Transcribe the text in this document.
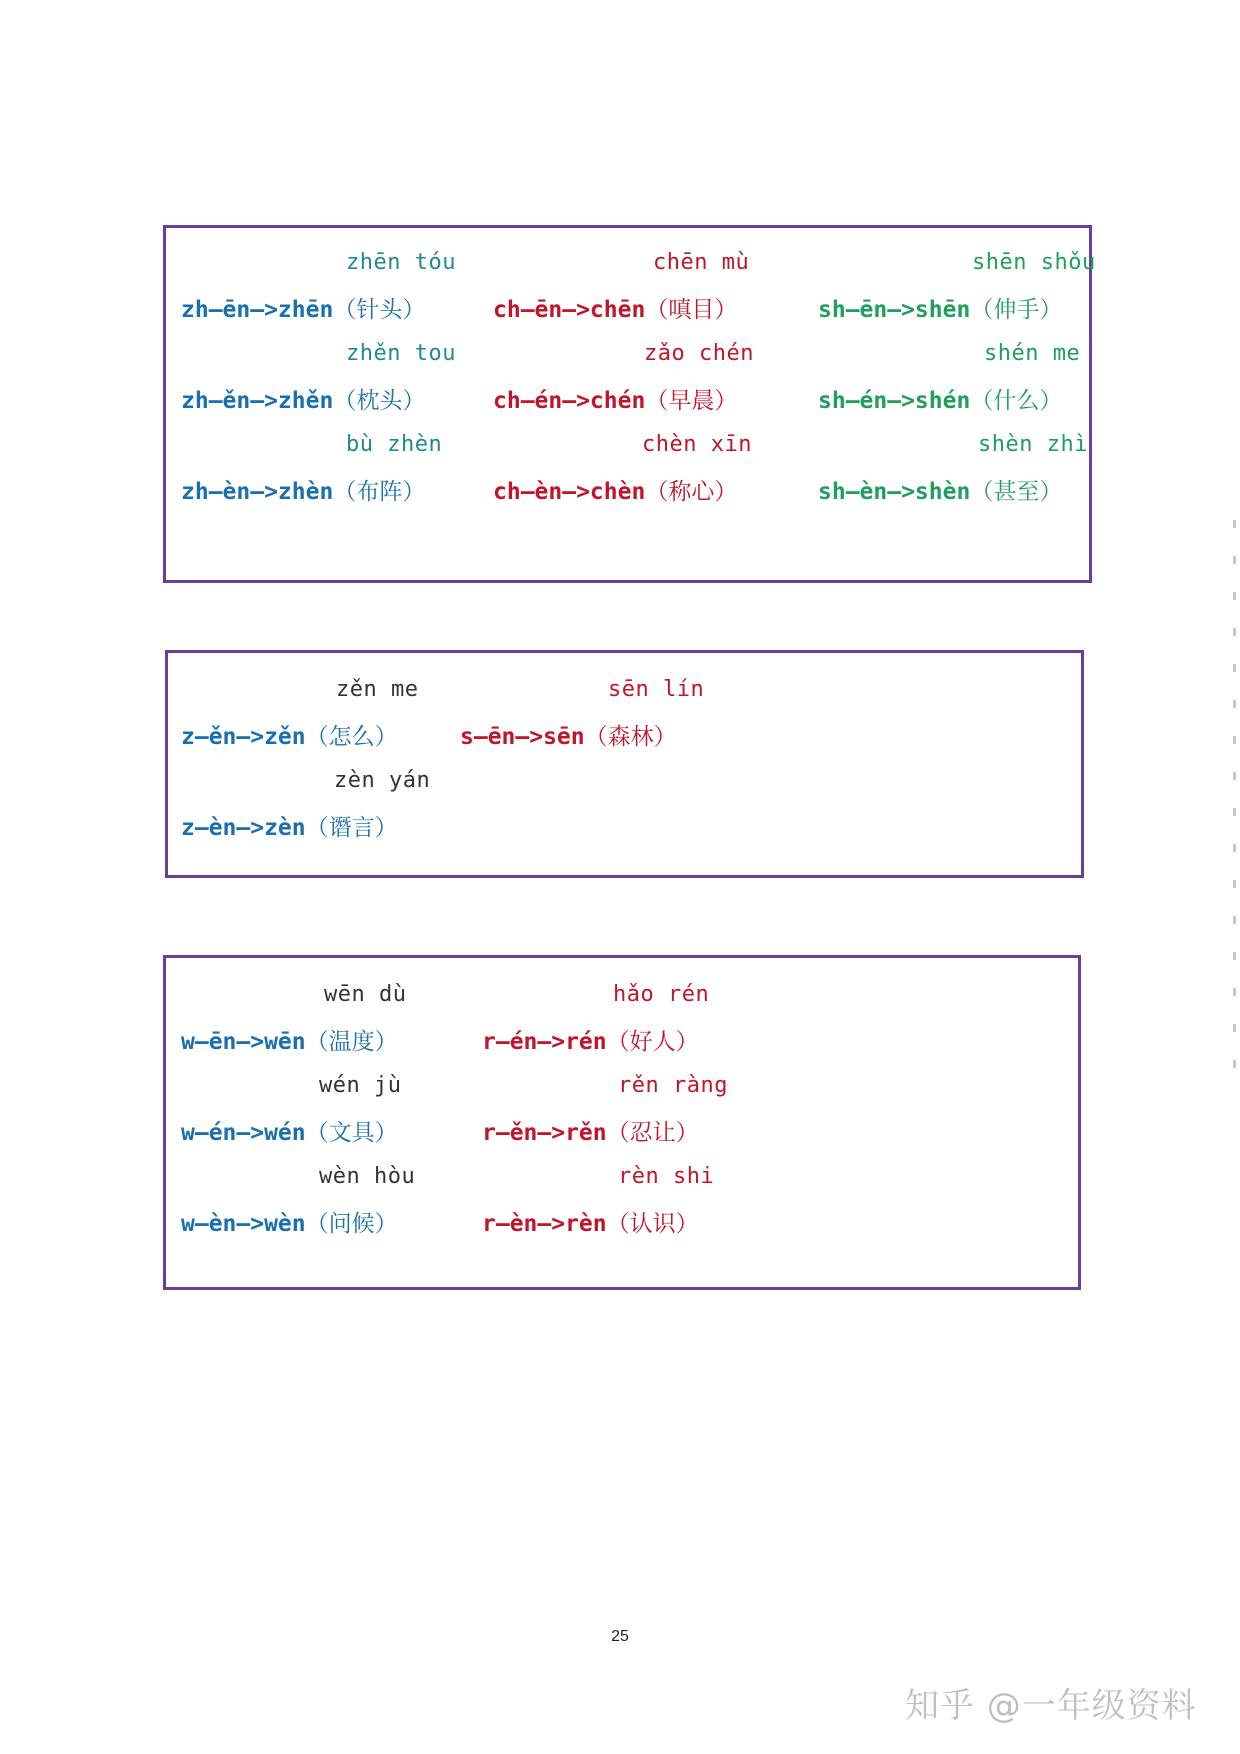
zhēn tóu	chēn mù	shēn shǒu
zh—ēn—>zhēn（针头）	ch—ēn—>chēn（嗔目）	sh—ēn—>shēn（伸手）
zhěn tou	zǎo chén	shén me
zh—ěn—>zhěn（枕头）	ch—én—>chén（早晨）	sh—én—>shén（什么）
bù zhèn	chèn xīn	shèn zhì
zh—èn—>zhèn（布阵）	ch—èn—>chèn（称心）	sh—èn—>shèn（甚至）
zěn me	sēn lín
z—ěn—>zěn（怎么）	s—ēn—>sēn（森林）
zèn yán
z—èn—>zèn（谮言）
wēn dù	hǎo rén
w—ēn—>wēn（温度）	r—én—>rén（好人）
wén jù	rěn ràng
w—én—>wén（文具）	r—ěn—>rěn（忍让）
wèn hòu	rèn shi
w—èn—>wèn（问候）	r—èn—>rèn（认识）
25
知乎 @一年级资料
